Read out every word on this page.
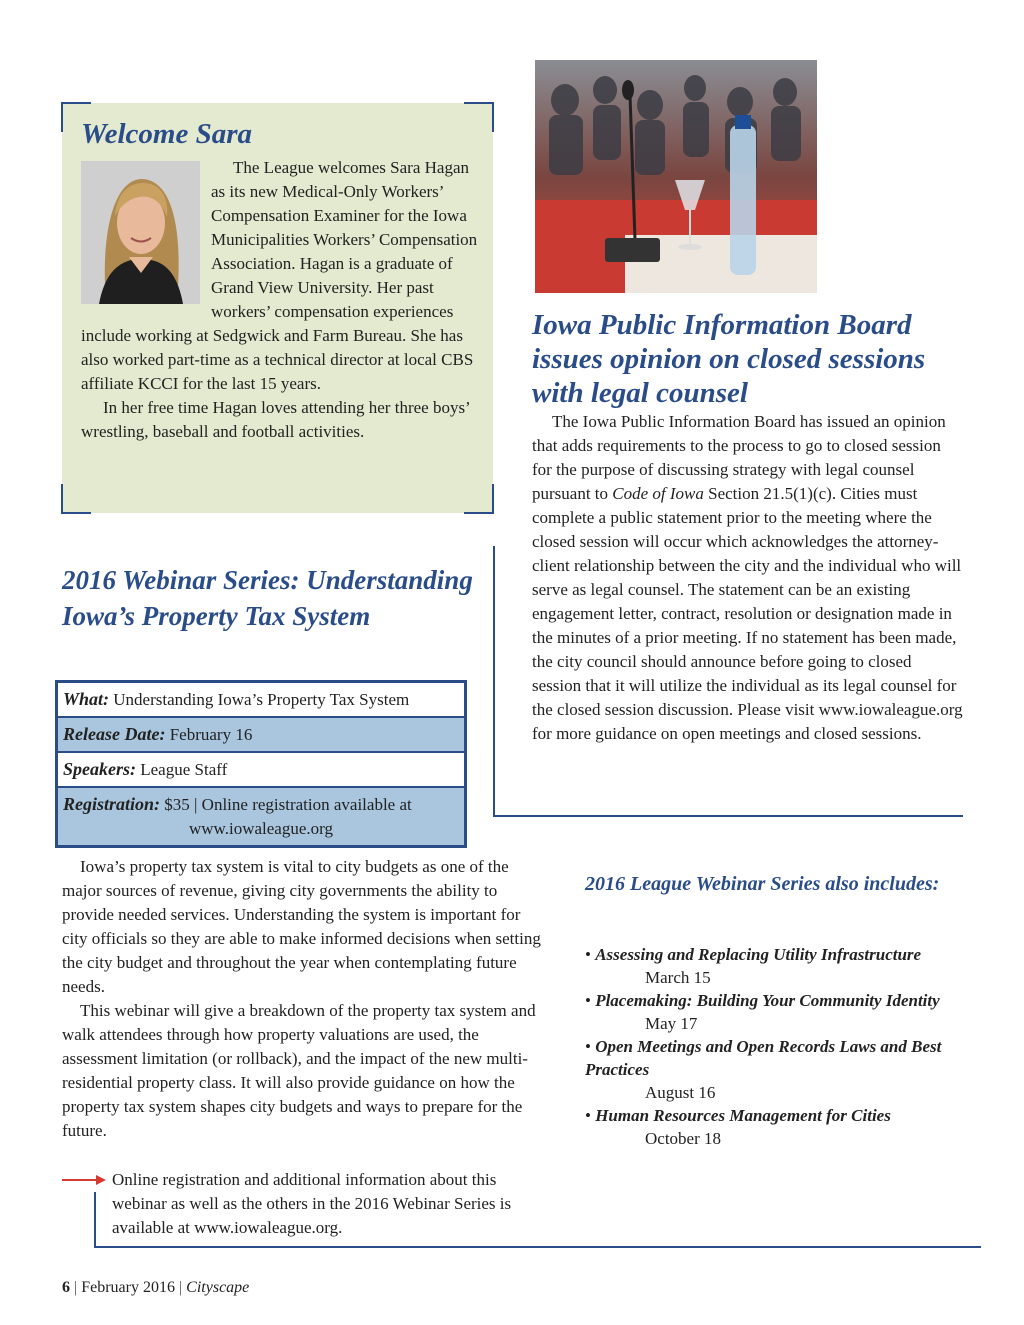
Welcome Sara

The League welcomes Sara Hagan as its new Medical-Only Workers’ Compensation Examiner for the Iowa Municipalities Workers’ Compensation Association. Hagan is a graduate of Grand View University. Her past workers’ compensation experiences include working at Sedgwick and Farm Bureau. She has also worked part-time as a technical director at local CBS affiliate KCCI for the last 15 years.

In her free time Hagan loves attending her three boys’ wrestling, baseball and football activities.

Iowa Public Information Board issues opinion on closed sessions with legal counsel

The Iowa Public Information Board has issued an opinion that adds requirements to the process to go to closed session for the purpose of discussing strategy with legal counsel pursuant to Code of Iowa Section 21.5(1)(c). Cities must complete a public statement prior to the meeting where the closed session will occur which acknowledges the attorney-client relationship between the city and the individual who will serve as legal counsel. The statement can be an existing engagement letter, contract, resolution or designation made in the minutes of a prior meeting. If no statement has been made, the city council should announce before going to closed session that it will utilize the individual as its legal counsel for the closed session discussion. Please visit www.iowaleague.org for more guidance on open meetings and closed sessions.

2016 Webinar Series: Understanding Iowa’s Property Tax System
What: Understanding Iowa’s Property Tax System
Release Date: February 16
Speakers: League Staff
Registration: $35 | Online registration available at
www.iowaleague.org

Iowa’s property tax system is vital to city budgets as one of the major sources of revenue, giving city governments the ability to provide needed services. Understanding the system is important for city officials so they are able to make informed decisions when setting the city budget and throughout the year when contemplating future needs.

This webinar will give a breakdown of the property tax system and walk attendees through how property valuations are used, the assessment limitation (or rollback), and the impact of the new multi-residential property class. It will also provide guidance on how the property tax system shapes city budgets and ways to prepare for the future.

Online registration and additional information about this webinar as well as the others in the 2016 Webinar Series is available at www.iowaleague.org.
2016 League Webinar Series also includes:
• Assessing and Replacing Utility Infrastructure
March 15
• Placemaking: Building Your Community Identity
May 17
• Open Meetings and Open Records Laws and Best Practices
August 16
• Human Resources Management for Cities
October 18
6 | February 2016 | Cityscape
